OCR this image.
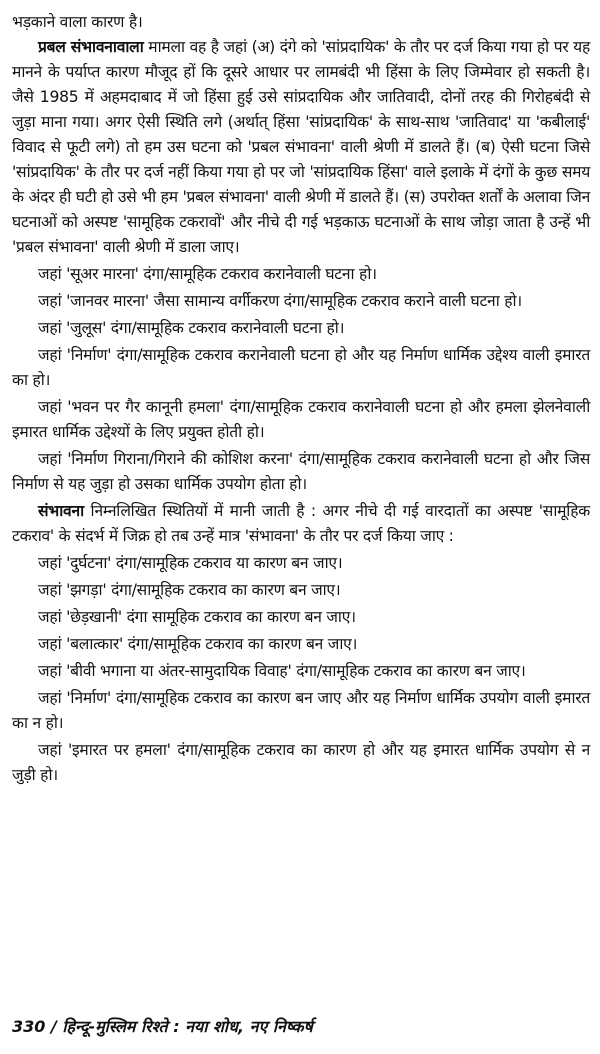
भड़काने वाला कारण है।

प्रबल संभावनावाला मामला वह है जहां (अ) दंगे को 'सांप्रदायिक' के तौर पर दर्ज किया गया हो पर यह मानने के पर्याप्त कारण मौजूद हों कि दूसरे आधार पर लामबंदी भी हिंसा के लिए जिम्मेवार हो सकती है। जैसे 1985 में अहमदाबाद में जो हिंसा हुई उसे सांप्रदायिक और जातिवादी, दोनों तरह की गिरोहबंदी से जुड़ा माना गया। अगर ऐसी स्थिति लगे (अर्थात् हिंसा 'सांप्रदायिक' के साथ-साथ 'जातिवाद' या 'कबीलाई' विवाद से फूटी लगे) तो हम उस घटना को 'प्रबल संभावना' वाली श्रेणी में डालते हैं। (ब) ऐसी घटना जिसे 'सांप्रदायिक' के तौर पर दर्ज नहीं किया गया हो पर जो 'सांप्रदायिक हिंसा' वाले इलाके में दंगों के कुछ समय के अंदर ही घटी हो उसे भी हम 'प्रबल संभावना' वाली श्रेणी में डालते हैं। (स) उपरोक्त शर्तों के अलावा जिन घटनाओं को अस्पष्ट 'सामूहिक टकरावों' और नीचे दी गई भड़काऊ घटनाओं के साथ जोड़ा जाता है उन्हें भी 'प्रबल संभावना' वाली श्रेणी में डाला जाए।

जहां 'सूअर मारना' दंगा/सामूहिक टकराव करानेवाली घटना हो।

जहां 'जानवर मारना' जैसा सामान्य वर्गीकरण दंगा/सामूहिक टकराव कराने वाली घटना हो।

जहां 'जुलूस' दंगा/सामूहिक टकराव करानेवाली घटना हो।

जहां 'निर्माण' दंगा/सामूहिक टकराव करानेवाली घटना हो और यह निर्माण धार्मिक उद्देश्य वाली इमारत का हो।

जहां 'भवन पर गैर कानूनी हमला' दंगा/सामूहिक टकराव करानेवाली घटना हो और हमला झेलनेवाली इमारत धार्मिक उद्देश्यों के लिए प्रयुक्त होती हो।

जहां 'निर्माण गिराना/गिराने की कोशिश करना' दंगा/सामूहिक टकराव करानेवाली घटना हो और जिस निर्माण से यह जुड़ा हो उसका धार्मिक उपयोग होता हो।

संभावना निम्नलिखित स्थितियों में मानी जाती है : अगर नीचे दी गई वारदातों का अस्पष्ट 'सामूहिक टकराव' के संदर्भ में जिक्र हो तब उन्हें मात्र 'संभावना' के तौर पर दर्ज किया जाए :

जहां 'दुर्घटना' दंगा/सामूहिक टकराव या कारण बन जाए।

जहां 'झगड़ा' दंगा/सामूहिक टकराव का कारण बन जाए।

जहां 'छेड़खानी' दंगा सामूहिक टकराव का कारण बन जाए।

जहां 'बलात्कार' दंगा/सामूहिक टकराव का कारण बन जाए।

जहां 'बीवी भगाना या अंतर-सामुदायिक विवाह' दंगा/सामूहिक टकराव का कारण बन जाए।

जहां 'निर्माण' दंगा/सामूहिक टकराव का कारण बन जाए और यह निर्माण धार्मिक उपयोग वाली इमारत का न हो।

जहां 'इमारत पर हमला' दंगा/सामूहिक टकराव का कारण हो और यह इमारत धार्मिक उपयोग से न जुड़ी हो।

330 / हिन्दू-मुस्लिम रिश्ते : नया शोध, नए निष्कर्ष
